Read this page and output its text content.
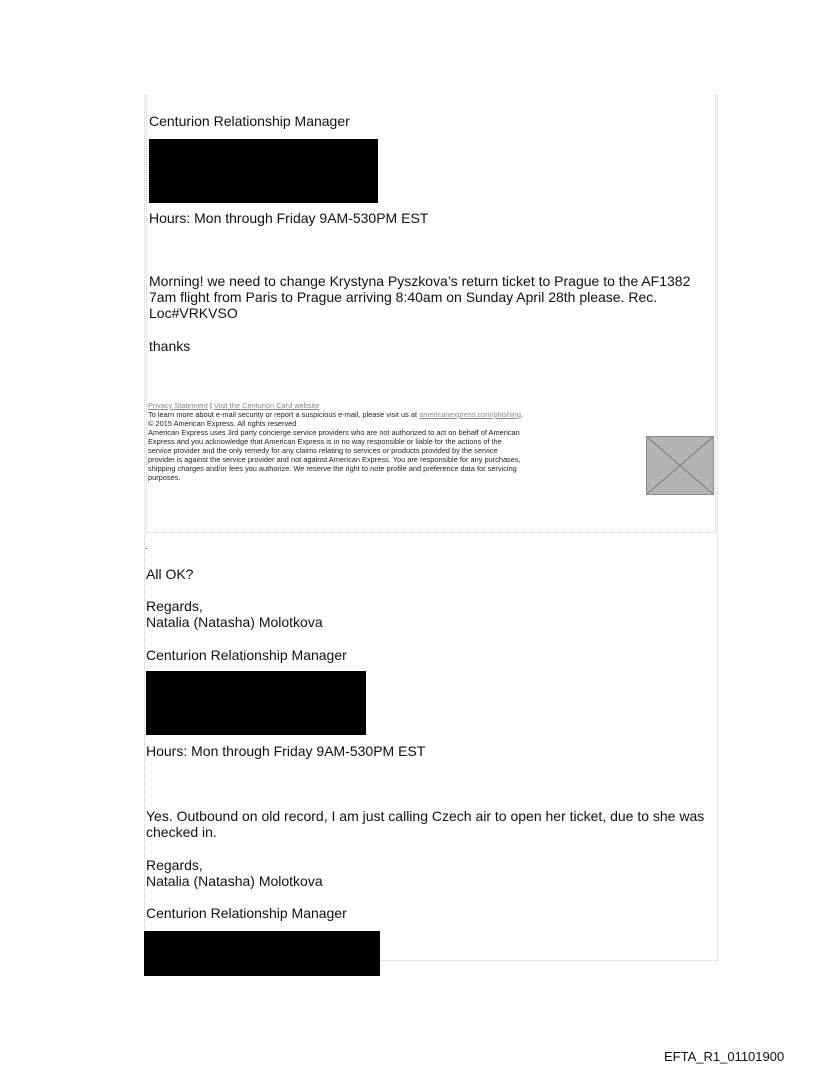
Centurion Relationship Manager
Hours: Mon through Friday 9AM-530PM EST
Morning! we need to change Krystyna Pyszkova’s return ticket to Prague to the AF1382
7am flight from Paris to Prague arriving 8:40am on Sunday April 28th please. Rec.
Loc#VRKVSO
thanks
Privacy Statement | Visit the Centurion Card website
To learn more about e-mail security or report a suspicious e-mail, please visit us at americanexpress.com/phishing.
© 2015 American Express. All rights reserved
American Express uses 3rd party concierge service providers who are not authorized to act on behalf of American
Express and you acknowledge that American Express is in no way responsible or liable for the actions of the
service provider and the only remedy for any claims relating to services or products provided by the service
provider is against the service provider and not against American Express. You are responsible for any purchases,
shipping charges and/or fees you authorize. We reserve the right to note profile and preference data for servicing
purposes.
.
All OK?
Regards,
Natalia (Natasha) Molotkova
Centurion Relationship Manager
Hours: Mon through Friday 9AM-530PM EST
Yes. Outbound on old record, I am just calling Czech air to open her ticket, due to she was
checked in.
Regards,
Natalia (Natasha) Molotkova
Centurion Relationship Manager
EFTA_R1_01101900
